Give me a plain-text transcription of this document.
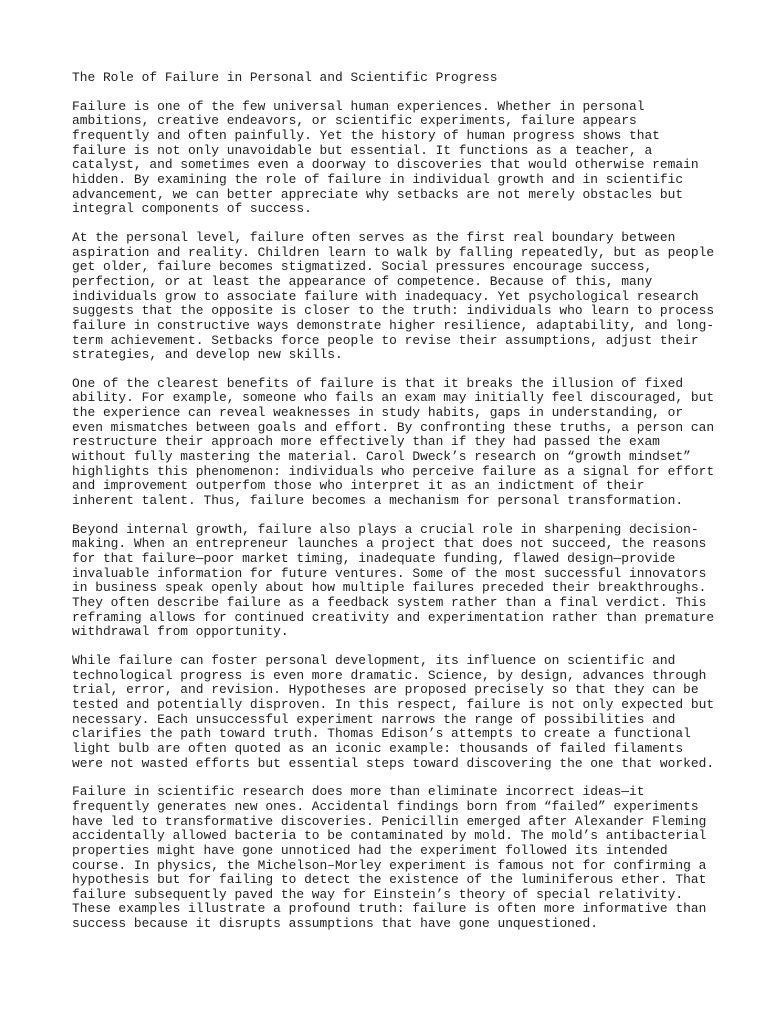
The Role of Failure in Personal and Scientific Progress
Failure is one of the few universal human experiences. Whether in personal
ambitions, creative endeavors, or scientific experiments, failure appears
frequently and often painfully. Yet the history of human progress shows that
failure is not only unavoidable but essential. It functions as a teacher, a
catalyst, and sometimes even a doorway to discoveries that would otherwise remain
hidden. By examining the role of failure in individual growth and in scientific
advancement, we can better appreciate why setbacks are not merely obstacles but
integral components of success.
At the personal level, failure often serves as the first real boundary between
aspiration and reality. Children learn to walk by falling repeatedly, but as people
get older, failure becomes stigmatized. Social pressures encourage success,
perfection, or at least the appearance of competence. Because of this, many
individuals grow to associate failure with inadequacy. Yet psychological research
suggests that the opposite is closer to the truth: individuals who learn to process
failure in constructive ways demonstrate higher resilience, adaptability, and long-
term achievement. Setbacks force people to revise their assumptions, adjust their
strategies, and develop new skills.
One of the clearest benefits of failure is that it breaks the illusion of fixed
ability. For example, someone who fails an exam may initially feel discouraged, but
the experience can reveal weaknesses in study habits, gaps in understanding, or
even mismatches between goals and effort. By confronting these truths, a person can
restructure their approach more effectively than if they had passed the exam
without fully mastering the material. Carol Dweck’s research on “growth mindset”
highlights this phenomenon: individuals who perceive failure as a signal for effort
and improvement outperfom those who interpret it as an indictment of their
inherent talent. Thus, failure becomes a mechanism for personal transformation.
Beyond internal growth, failure also plays a crucial role in sharpening decision-
making. When an entrepreneur launches a project that does not succeed, the reasons
for that failure—poor market timing, inadequate funding, flawed design—provide
invaluable information for future ventures. Some of the most successful innovators
in business speak openly about how multiple failures preceded their breakthroughs.
They often describe failure as a feedback system rather than a final verdict. This
reframing allows for continued creativity and experimentation rather than premature
withdrawal from opportunity.
While failure can foster personal development, its influence on scientific and
technological progress is even more dramatic. Science, by design, advances through
trial, error, and revision. Hypotheses are proposed precisely so that they can be
tested and potentially disproven. In this respect, failure is not only expected but
necessary. Each unsuccessful experiment narrows the range of possibilities and
clarifies the path toward truth. Thomas Edison’s attempts to create a functional
light bulb are often quoted as an iconic example: thousands of failed filaments
were not wasted efforts but essential steps toward discovering the one that worked.
Failure in scientific research does more than eliminate incorrect ideas—it
frequently generates new ones. Accidental findings born from “failed” experiments
have led to transformative discoveries. Penicillin emerged after Alexander Fleming
accidentally allowed bacteria to be contaminated by mold. The mold’s antibacterial
properties might have gone unnoticed had the experiment followed its intended
course. In physics, the Michelson–Morley experiment is famous not for confirming a
hypothesis but for failing to detect the existence of the luminiferous ether. That
failure subsequently paved the way for Einstein’s theory of special relativity.
These examples illustrate a profound truth: failure is often more informative than
success because it disrupts assumptions that have gone unquestioned.
